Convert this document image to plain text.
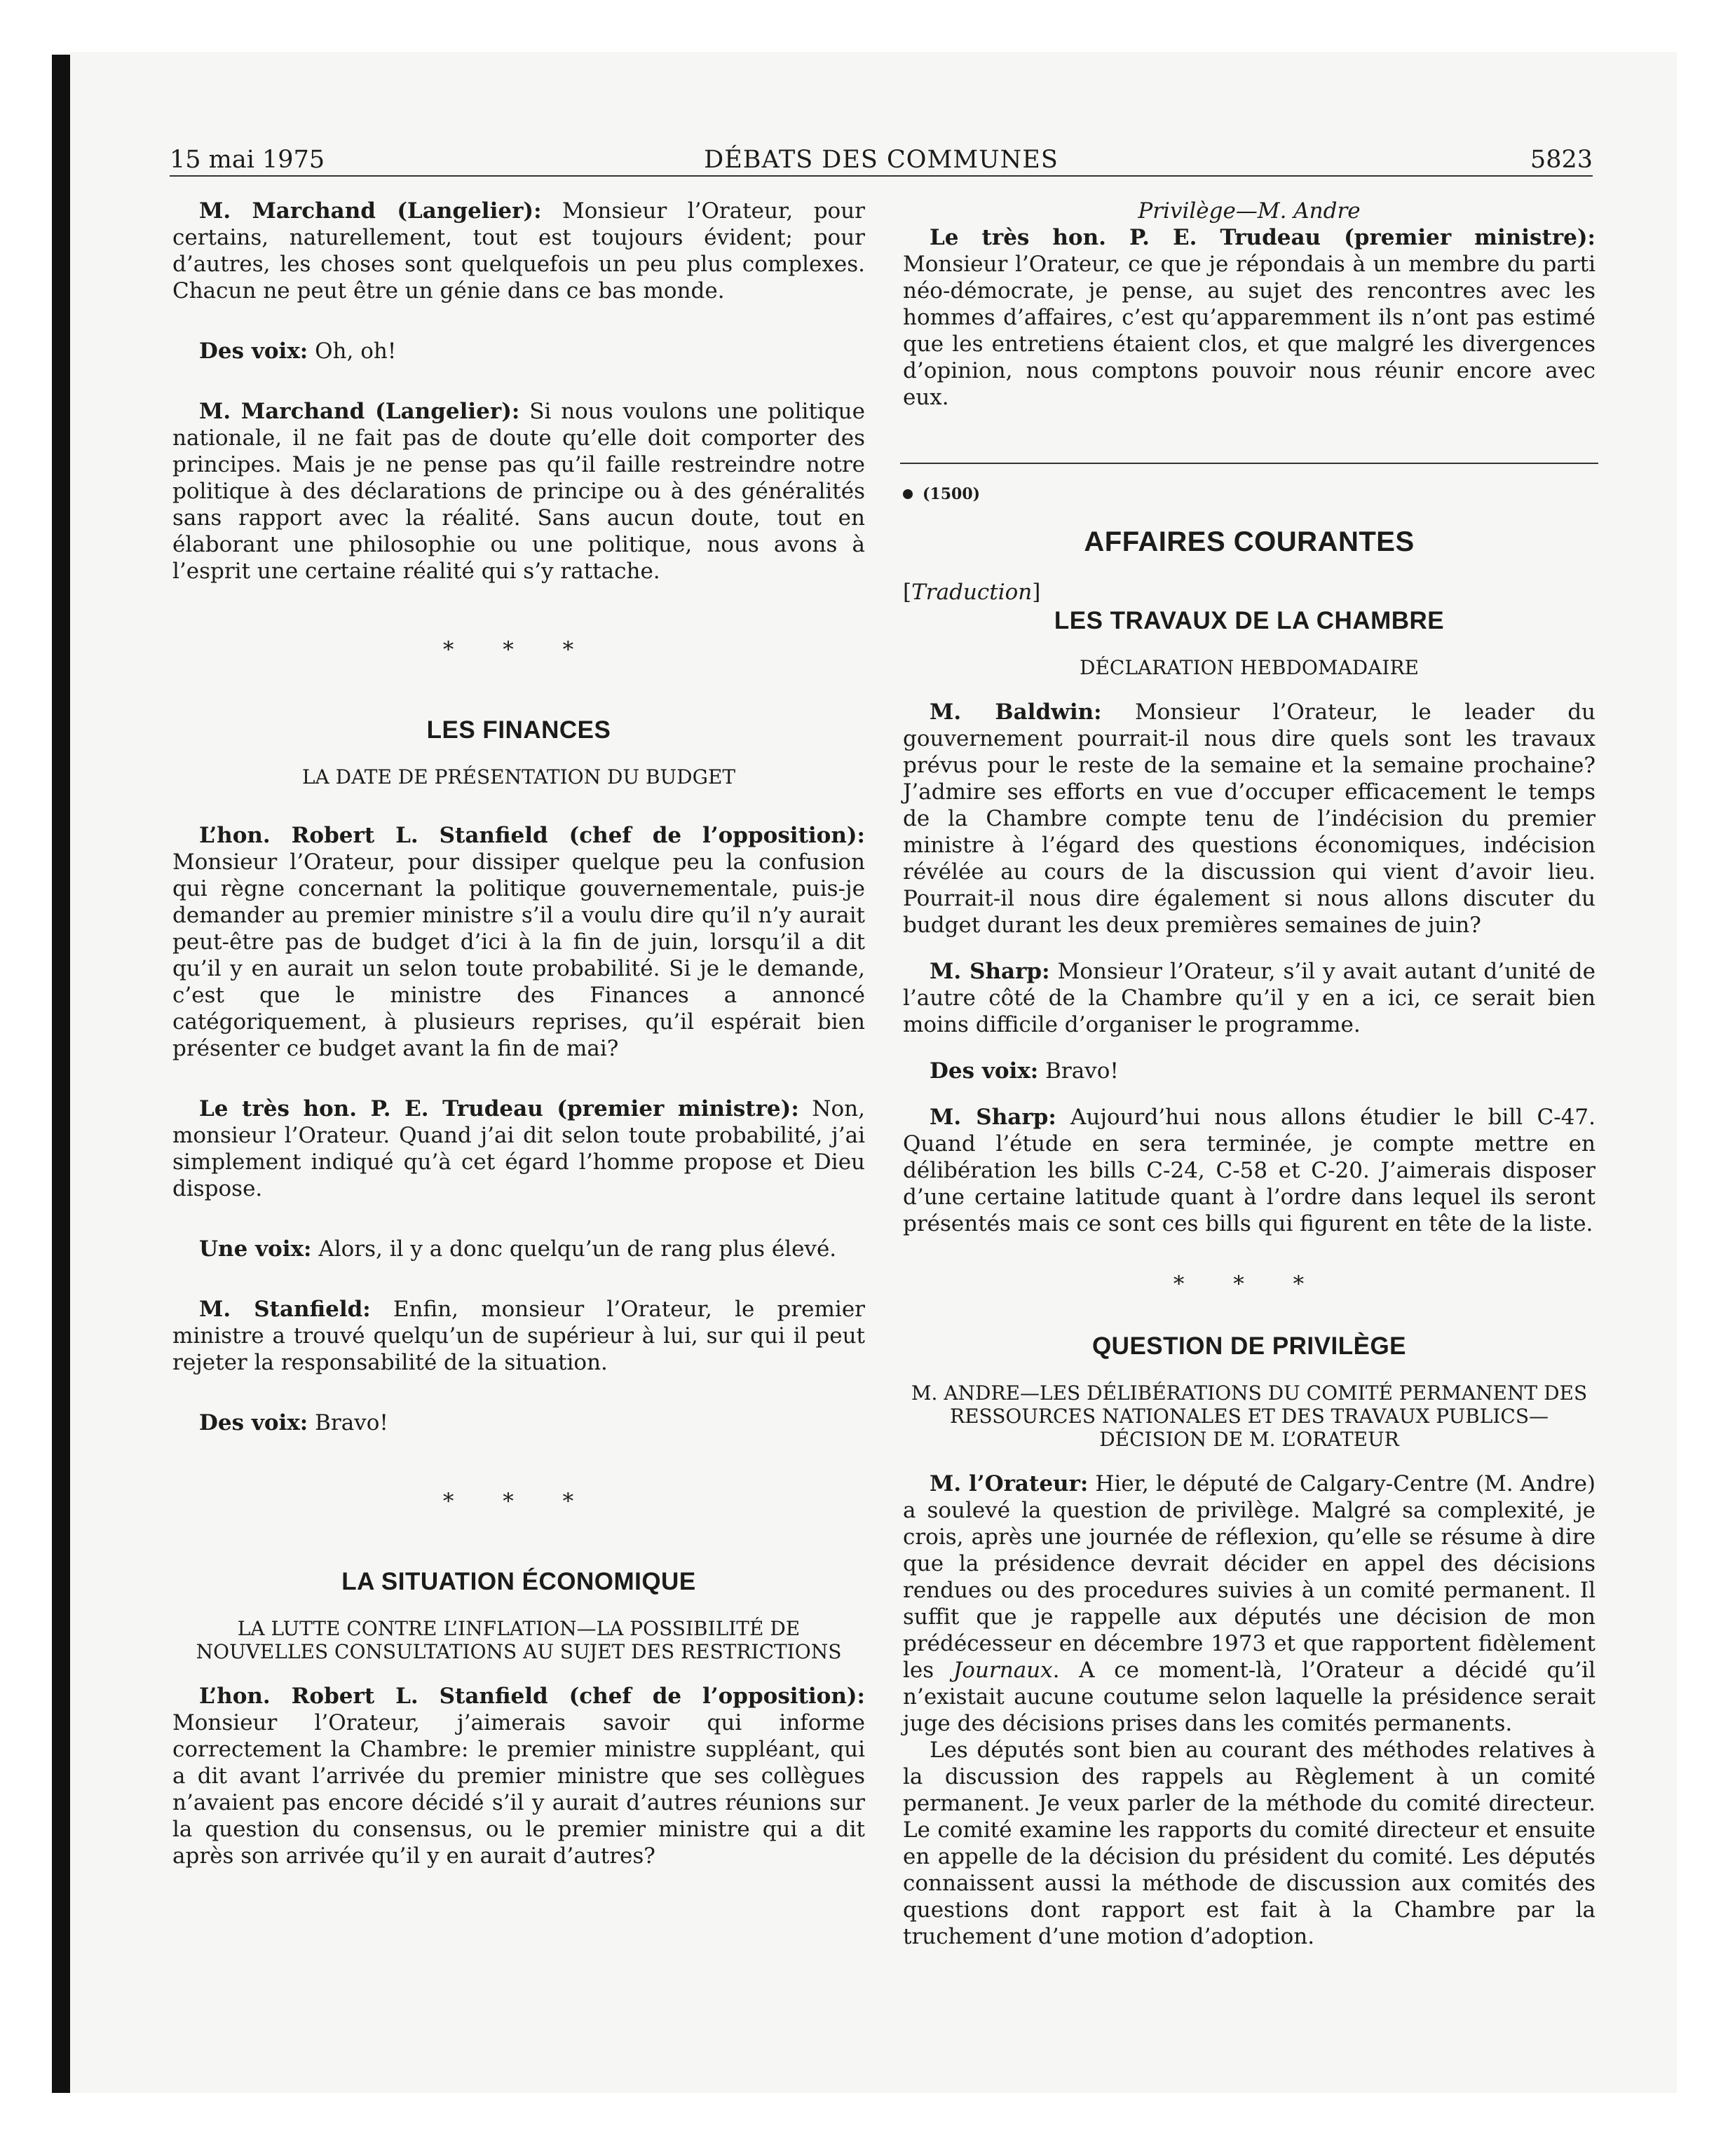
15 mai 1975	DÉBATS DES COMMUNES	5823

M. Marchand (Langelier): Monsieur l’Orateur, pour certains, naturellement, tout est toujours évident; pour d’autres, les choses sont quelquefois un peu plus complexes. Chacun ne peut être un génie dans ce bas monde.

Des voix: Oh, oh!

M. Marchand (Langelier): Si nous voulons une politique nationale, il ne fait pas de doute qu’elle doit comporter des principes. Mais je ne pense pas qu’il faille restreindre notre politique à des déclarations de principe ou à des généralités sans rapport avec la réalité. Sans aucun doute, tout en élaborant une philosophie ou une politique, nous avons à l’esprit une certaine réalité qui s’y rattache.

* * *

LES FINANCES

LA DATE DE PRÉSENTATION DU BUDGET

L’hon. Robert L. Stanfield (chef de l’opposition): Monsieur l’Orateur, pour dissiper quelque peu la confusion qui règne concernant la politique gouvernementale, puis-je demander au premier ministre s’il a voulu dire qu’il n’y aurait peut-être pas de budget d’ici à la fin de juin, lorsqu’il a dit qu’il y en aurait un selon toute probabilité. Si je le demande, c’est que le ministre des Finances a annoncé catégoriquement, à plusieurs reprises, qu’il espérait bien présenter ce budget avant la fin de mai?

Le très hon. P. E. Trudeau (premier ministre): Non, monsieur l’Orateur. Quand j’ai dit selon toute probabilité, j’ai simplement indiqué qu’à cet égard l’homme propose et Dieu dispose.

Une voix: Alors, il y a donc quelqu’un de rang plus élevé.

M. Stanfield: Enfin, monsieur l’Orateur, le premier ministre a trouvé quelqu’un de supérieur à lui, sur qui il peut rejeter la responsabilité de la situation.

Des voix: Bravo!

* * *

LA SITUATION ÉCONOMIQUE

LA LUTTE CONTRE L’INFLATION—LA POSSIBILITÉ DE NOUVELLES CONSULTATIONS AU SUJET DES RESTRICTIONS

L’hon. Robert L. Stanfield (chef de l’opposition): Monsieur l’Orateur, j’aimerais savoir qui informe correctement la Chambre: le premier ministre suppléant, qui a dit avant l’arrivée du premier ministre que ses collègues n’avaient pas encore décidé s’il y aurait d’autres réunions sur la question du consensus, ou le premier ministre qui a dit après son arrivée qu’il y en aurait d’autres?

Privilège—M. Andre

Le très hon. P. E. Trudeau (premier ministre): Monsieur l’Orateur, ce que je répondais à un membre du parti néo-démocrate, je pense, au sujet des rencontres avec les hommes d’affaires, c’est qu’apparemment ils n’ont pas estimé que les entretiens étaient clos, et que malgré les divergences d’opinion, nous comptons pouvoir nous réunir encore avec eux.

(1500)

AFFAIRES COURANTES

[Traduction]

LES TRAVAUX DE LA CHAMBRE

DÉCLARATION HEBDOMADAIRE

M. Baldwin: Monsieur l’Orateur, le leader du gouvernement pourrait-il nous dire quels sont les travaux prévus pour le reste de la semaine et la semaine prochaine? J’admire ses efforts en vue d’occuper efficacement le temps de la Chambre compte tenu de l’indécision du premier ministre à l’égard des questions économiques, indécision révélée au cours de la discussion qui vient d’avoir lieu. Pourrait-il nous dire également si nous allons discuter du budget durant les deux premières semaines de juin?

M. Sharp: Monsieur l’Orateur, s’il y avait autant d’unité de l’autre côté de la Chambre qu’il y en a ici, ce serait bien moins difficile d’organiser le programme.

Des voix: Bravo!

M. Sharp: Aujourd’hui nous allons étudier le bill C-47. Quand l’étude en sera terminée, je compte mettre en délibération les bills C-24, C-58 et C-20. J’aimerais disposer d’une certaine latitude quant à l’ordre dans lequel ils seront présentés mais ce sont ces bills qui figurent en tête de la liste.

* * *

QUESTION DE PRIVILÈGE

M. ANDRE—LES DÉLIBÉRATIONS DU COMITÉ PERMANENT DES RESSOURCES NATIONALES ET DES TRAVAUX PUBLICS—DÉCISION DE M. L’ORATEUR

M. l’Orateur: Hier, le député de Calgary-Centre (M. Andre) a soulevé la question de privilège. Malgré sa complexité, je crois, après une journée de réflexion, qu’elle se résume à dire que la présidence devrait décider en appel des décisions rendues ou des procedures suivies à un comité permanent. Il suffit que je rappelle aux députés une décision de mon prédécesseur en décembre 1973 et que rapportent fidèlement les Journaux. A ce moment-là, l’Orateur a décidé qu’il n’existait aucune coutume selon laquelle la présidence serait juge des décisions prises dans les comités permanents.

Les députés sont bien au courant des méthodes relatives à la discussion des rappels au Règlement à un comité permanent. Je veux parler de la méthode du comité directeur. Le comité examine les rapports du comité directeur et ensuite en appelle de la décision du président du comité. Les députés connaissent aussi la méthode de discussion aux comités des questions dont rapport est fait à la Chambre par la truchement d’une motion d’adoption.
